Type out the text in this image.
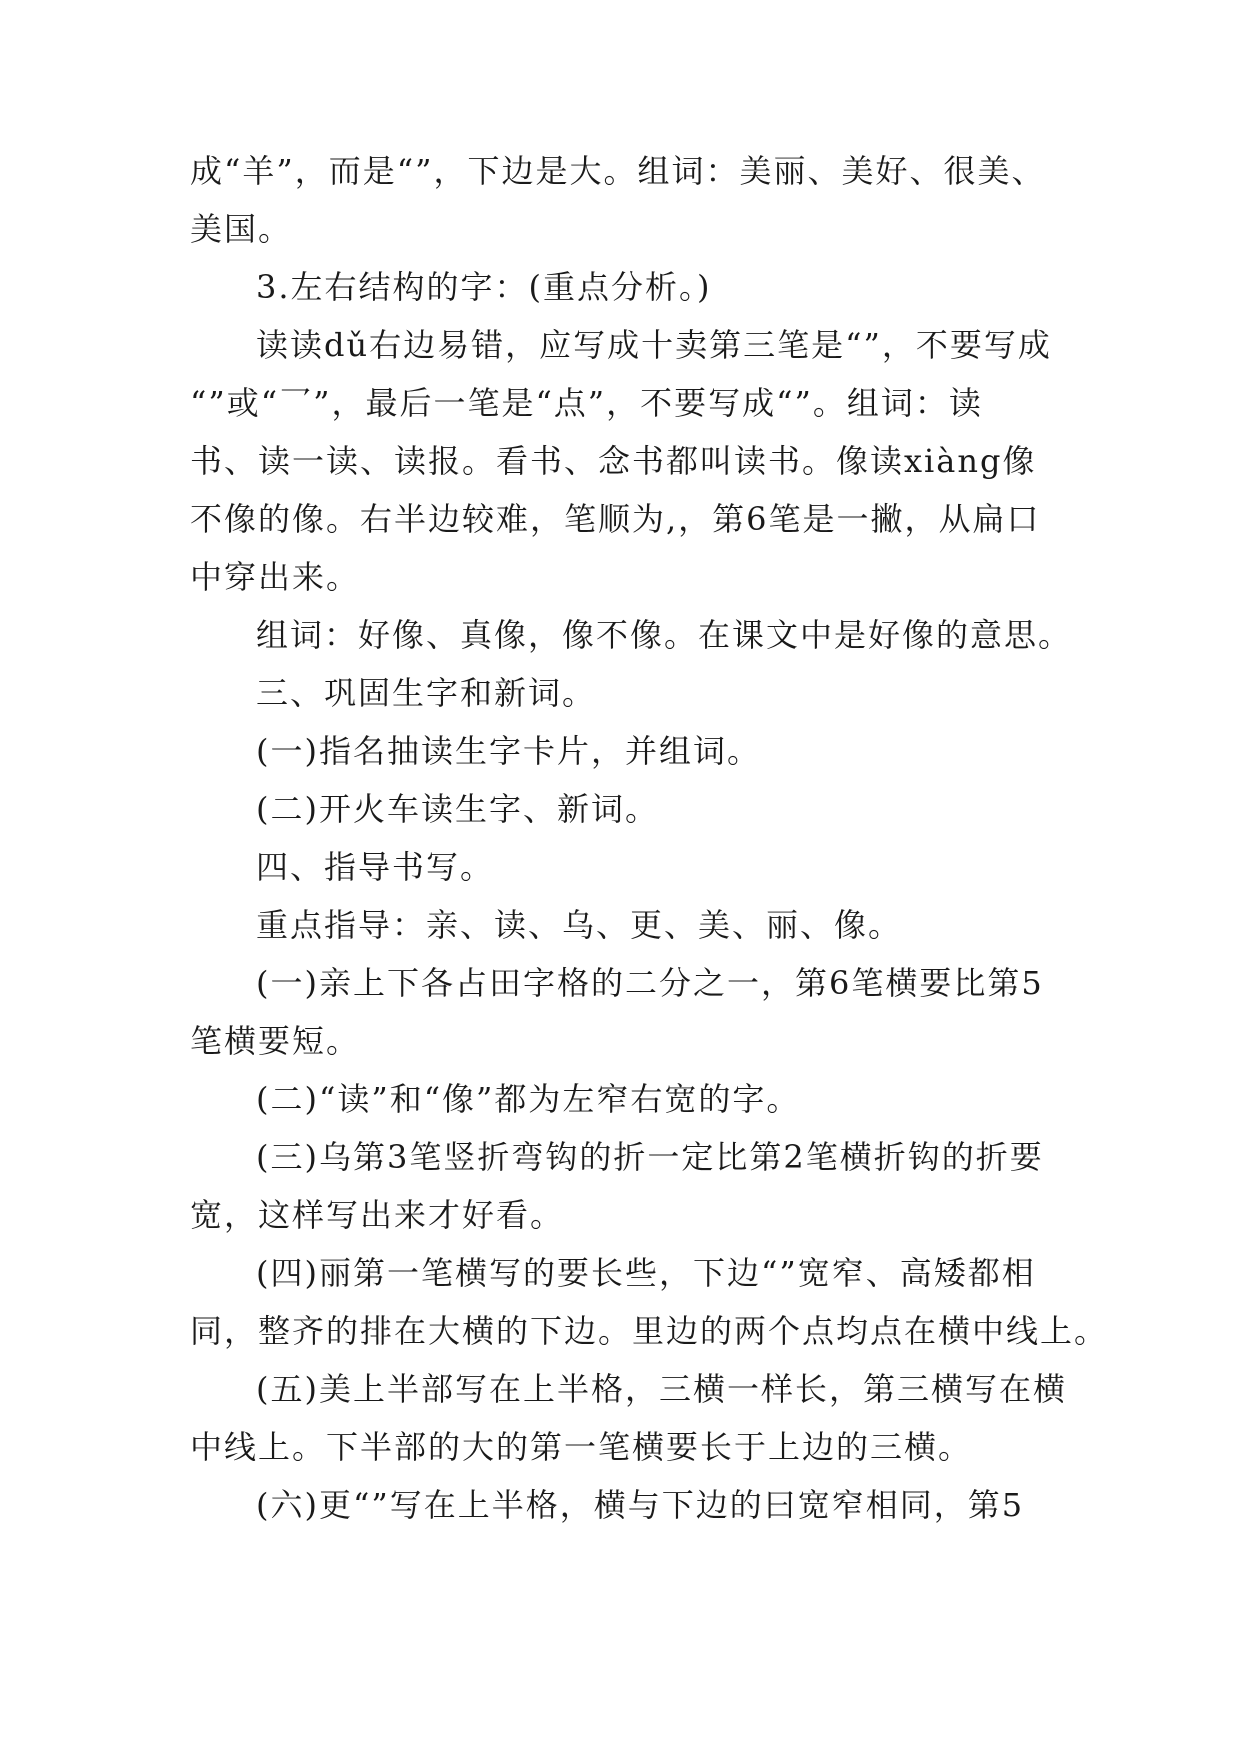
成“羊”，而是“”，下边是大。组词：美丽、美好、很美、
美国。
3.左右结构的字：(重点分析。)
读读dǔ右边易错，应写成十卖第三笔是“”，不要写成
“”或“乛”，最后一笔是“点”，不要写成“”。组词：读
书、读一读、读报。看书、念书都叫读书。像读xiàng像
不像的像。右半边较难，笔顺为,，第6笔是一撇，从扁口
中穿出来。
组词：好像、真像，像不像。在课文中是好像的意思。
三、巩固生字和新词。
(一)指名抽读生字卡片，并组词。
(二)开火车读生字、新词。
四、指导书写。
重点指导：亲、读、乌、更、美、丽、像。
(一)亲上下各占田字格的二分之一，第6笔横要比第5
笔横要短。
(二)“读”和“像”都为左窄右宽的字。
(三)乌第3笔竖折弯钩的折一定比第2笔横折钩的折要
宽，这样写出来才好看。
(四)丽第一笔横写的要长些，下边“”宽窄、高矮都相
同，整齐的排在大横的下边。里边的两个点均点在横中线上。
(五)美上半部写在上半格，三横一样长，第三横写在横
中线上。下半部的大的第一笔横要长于上边的三横。
(六)更“”写在上半格，横与下边的曰宽窄相同，第5
